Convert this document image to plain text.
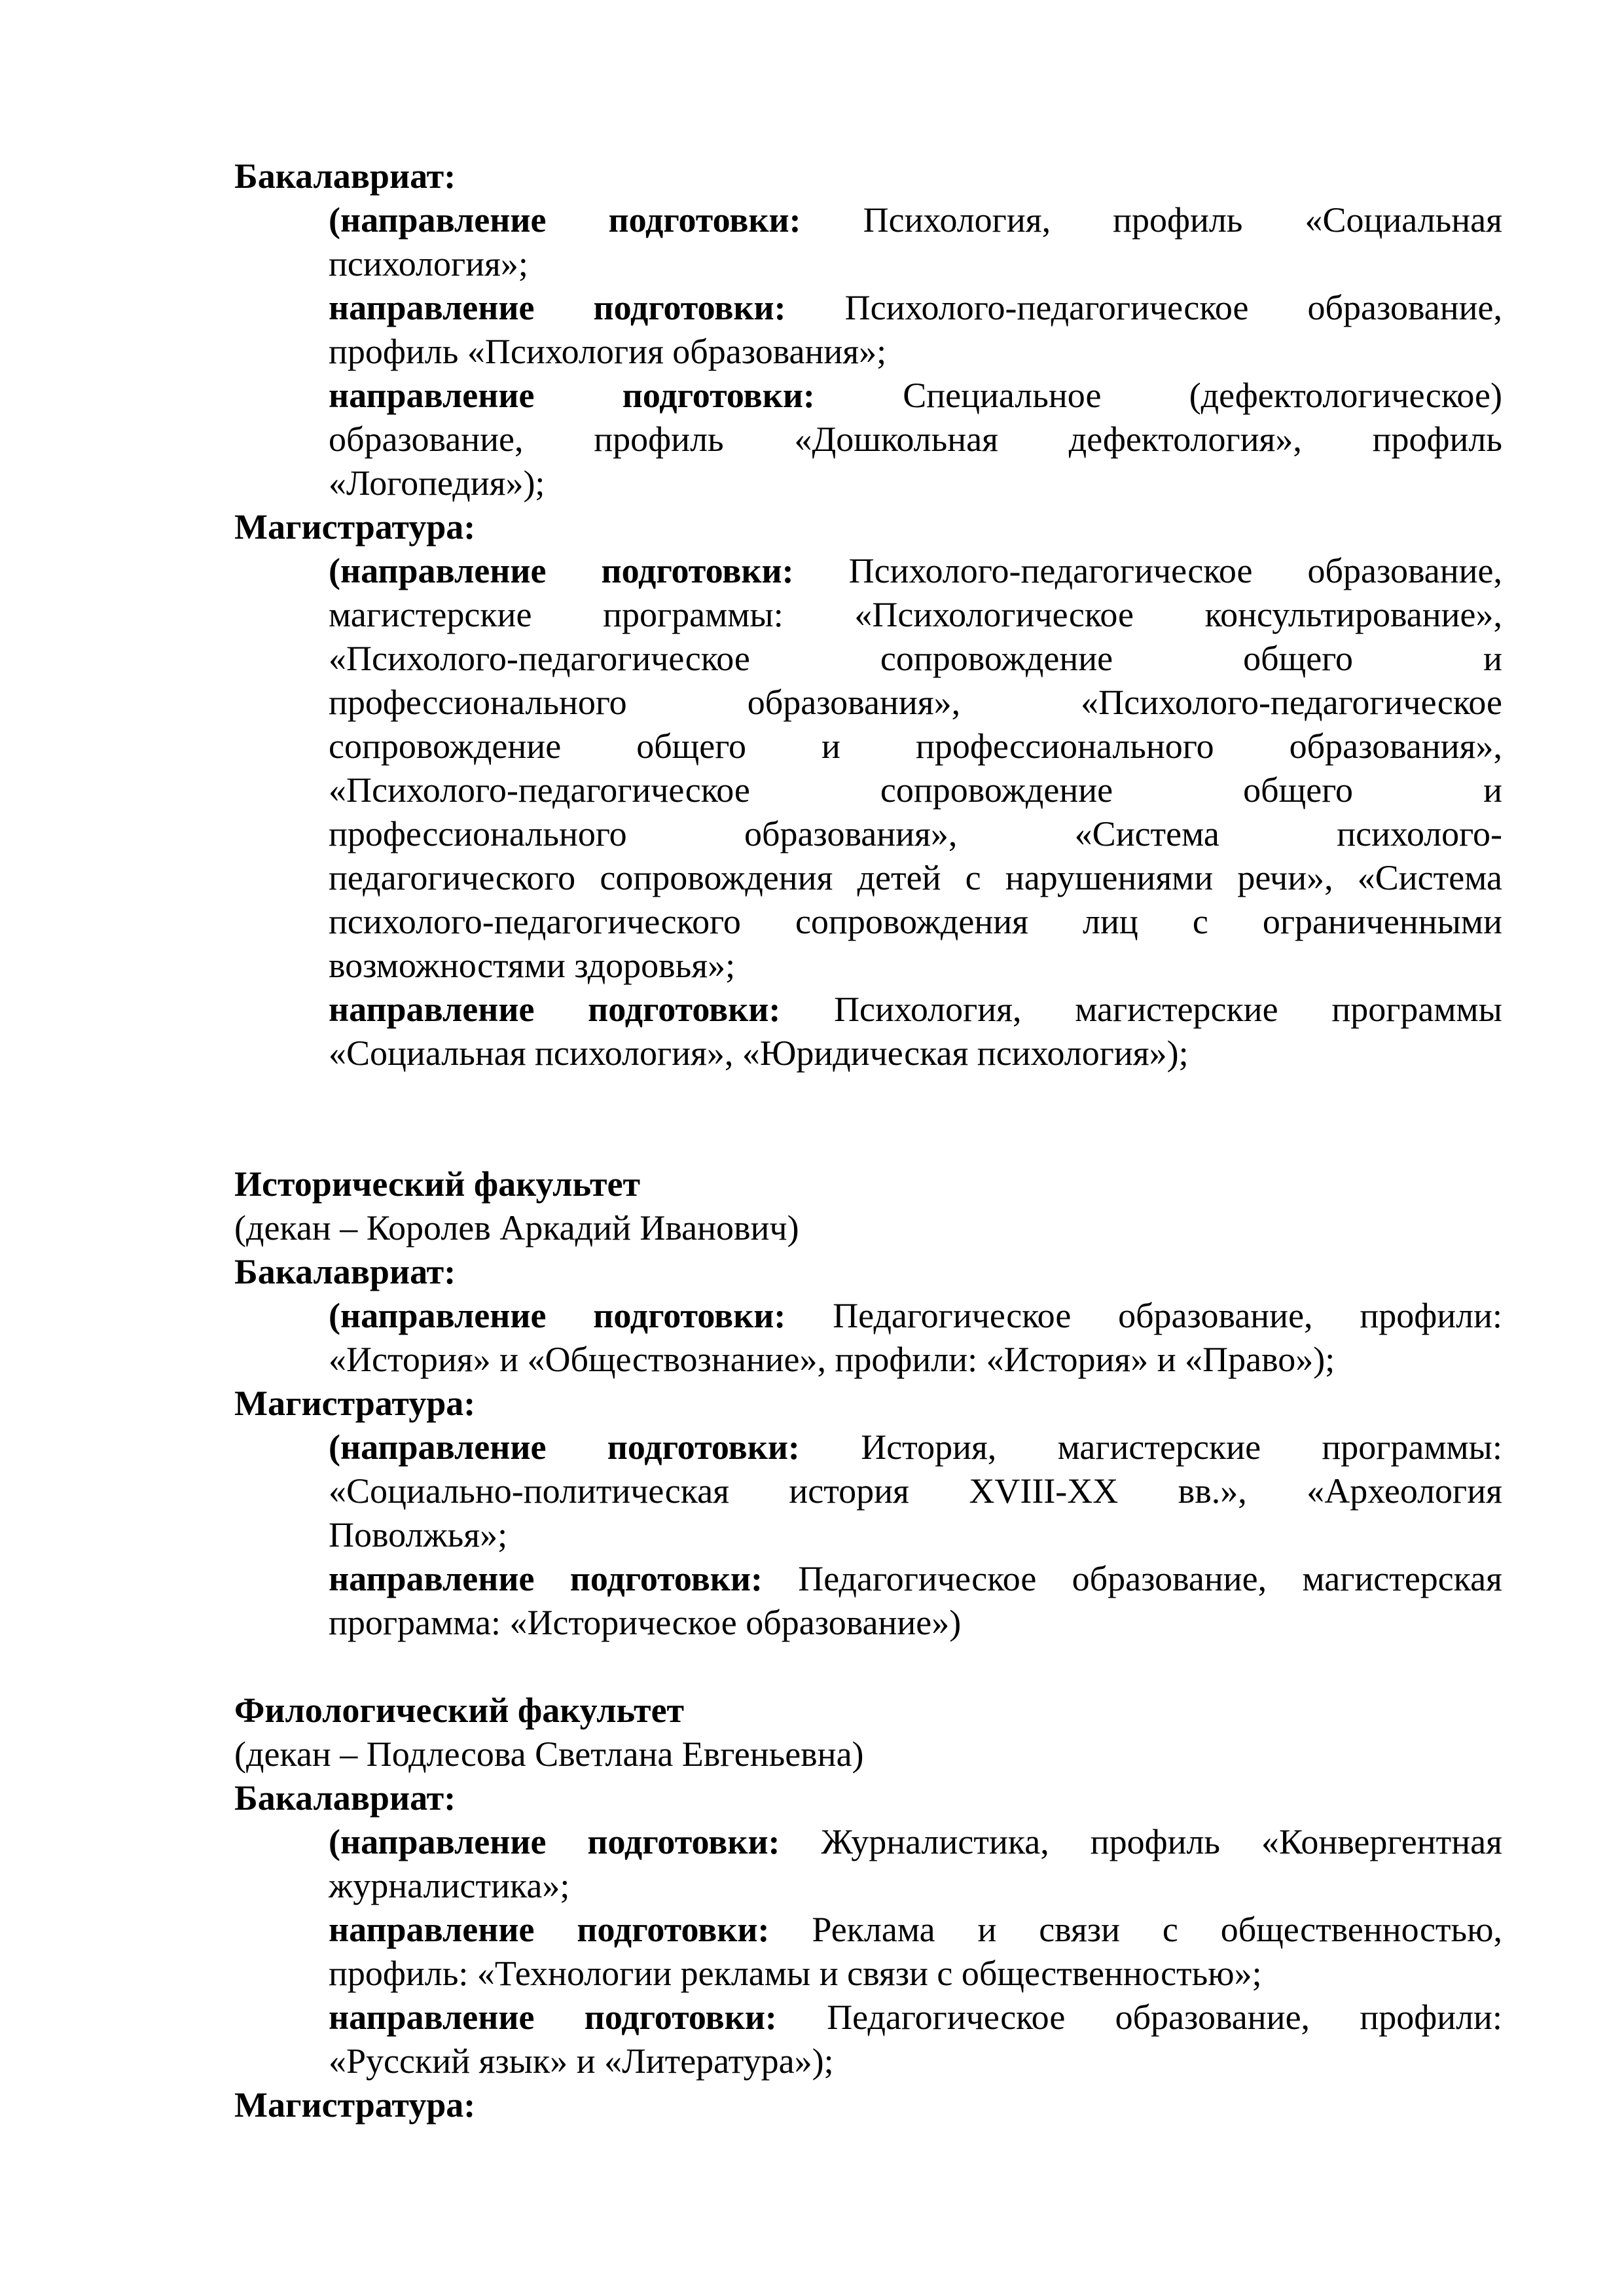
Бакалавриат:
(направление подготовки: Психология, профиль «Социальная
психология»;
направление подготовки: Психолого-педагогическое образование,
профиль «Психология образования»;
направление подготовки: Специальное (дефектологическое)
образование, профиль «Дошкольная дефектология», профиль
«Логопедия»);
Магистратура:
(направление подготовки: Психолого-педагогическое образование,
магистерские программы: «Психологическое консультирование»,
«Психолого-педагогическое	сопровождение	общего	и
профессионального	образования»,	«Психолого-педагогическое
сопровождение общего и профессионального образования»,
«Психолого-педагогическое	сопровождение	общего	и
профессионального	образования»,	«Система	психолого-
педагогического сопровождения детей с нарушениями речи», «Система
психолого-педагогического сопровождения лиц с ограниченными
возможностями здоровья»;
направление подготовки: Психология, магистерские программы
«Социальная психология», «Юридическая психология»);
Исторический факультет
(декан – Королев Аркадий Иванович)
Бакалавриат:
(направление подготовки: Педагогическое образование, профили:
«История» и «Обществознание», профили: «История» и «Право»);
Магистратура:
(направление подготовки: История, магистерские программы:
«Социально-политическая история XVIII-XX вв.», «Археология
Поволжья»;
направление подготовки: Педагогическое образование, магистерская
программа: «Историческое образование»)
Филологический факультет
(декан – Подлесова Светлана Евгеньевна)
Бакалавриат:
(направление подготовки: Журналистика, профиль «Конвергентная
журналистика»;
направление подготовки: Реклама и связи с общественностью,
профиль: «Технологии рекламы и связи с общественностью»;
направление подготовки: Педагогическое образование, профили:
«Русский язык» и «Литература»);
Магистратура:
